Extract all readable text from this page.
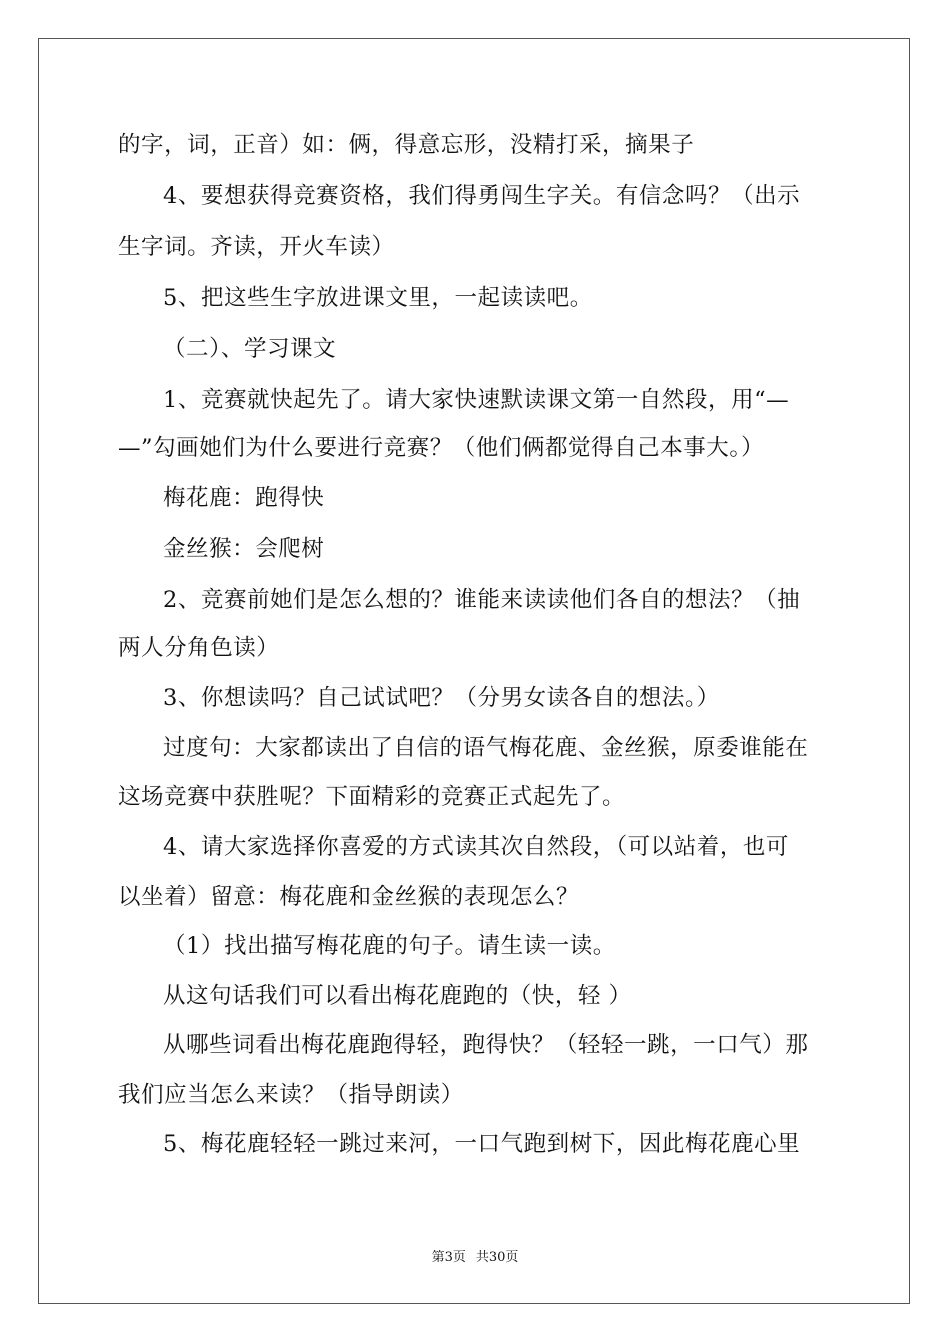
的字，词，正音）如：俩，得意忘形，没精打采，摘果子
4、要想获得竞赛资格，我们得勇闯生字关。有信念吗？（出示
生字词。齐读，开火车读）
5、把这些生字放进课文里，一起读读吧。
（二）、学习课文
1、竞赛就快起先了。请大家快速默读课文第一自然段，用“—
—”勾画她们为什么要进行竞赛？（他们俩都觉得自己本事大。）
梅花鹿：跑得快
金丝猴：会爬树
2、竞赛前她们是怎么想的？谁能来读读他们各自的想法？（抽
两人分角色读）
3、你想读吗？自己试试吧？（分男女读各自的想法。）
过度句：大家都读出了自信的语气梅花鹿、金丝猴，原委谁能在
这场竞赛中获胜呢？下面精彩的竞赛正式起先了。
4、请大家选择你喜爱的方式读其次自然段，（可以站着，也可
以坐着）留意：梅花鹿和金丝猴的表现怎么？
（1）找出描写梅花鹿的句子。请生读一读。
从这句话我们可以看出梅花鹿跑的（快，轻 ）
从哪些词看出梅花鹿跑得轻，跑得快？（轻轻一跳，一口气）那
我们应当怎么来读？（指导朗读）
5、梅花鹿轻轻一跳过来河，一口气跑到树下，因此梅花鹿心里
第3页 共30页
